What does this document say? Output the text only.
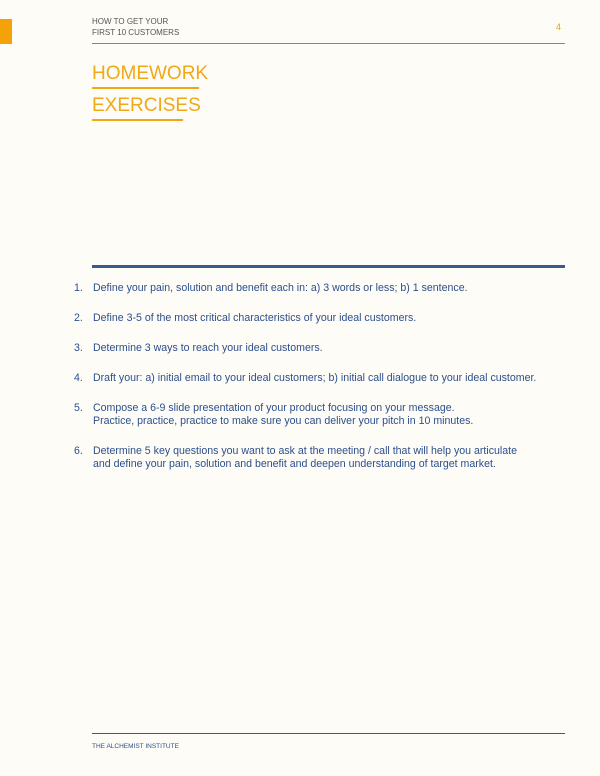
HOW TO GET YOUR
FIRST 10 CUSTOMERS
4
HOMEWORK
EXERCISES
1. Define your pain, solution and benefit each in: a) 3 words or less; b) 1 sentence.
2. Define 3-5 of the most critical characteristics of your ideal customers.
3. Determine 3 ways to reach your ideal customers.
4. Draft your: a) initial email to your ideal customers; b) initial call dialogue to your ideal customer.
5. Compose a 6-9 slide presentation of your product focusing on your message.
Practice, practice, practice to make sure you can deliver your pitch in 10 minutes.
6. Determine 5 key questions you want to ask at the meeting / call that will help you articulate
and define your pain, solution and benefit and deepen understanding of target market.
THE ALCHEMIST INSTITUTE
